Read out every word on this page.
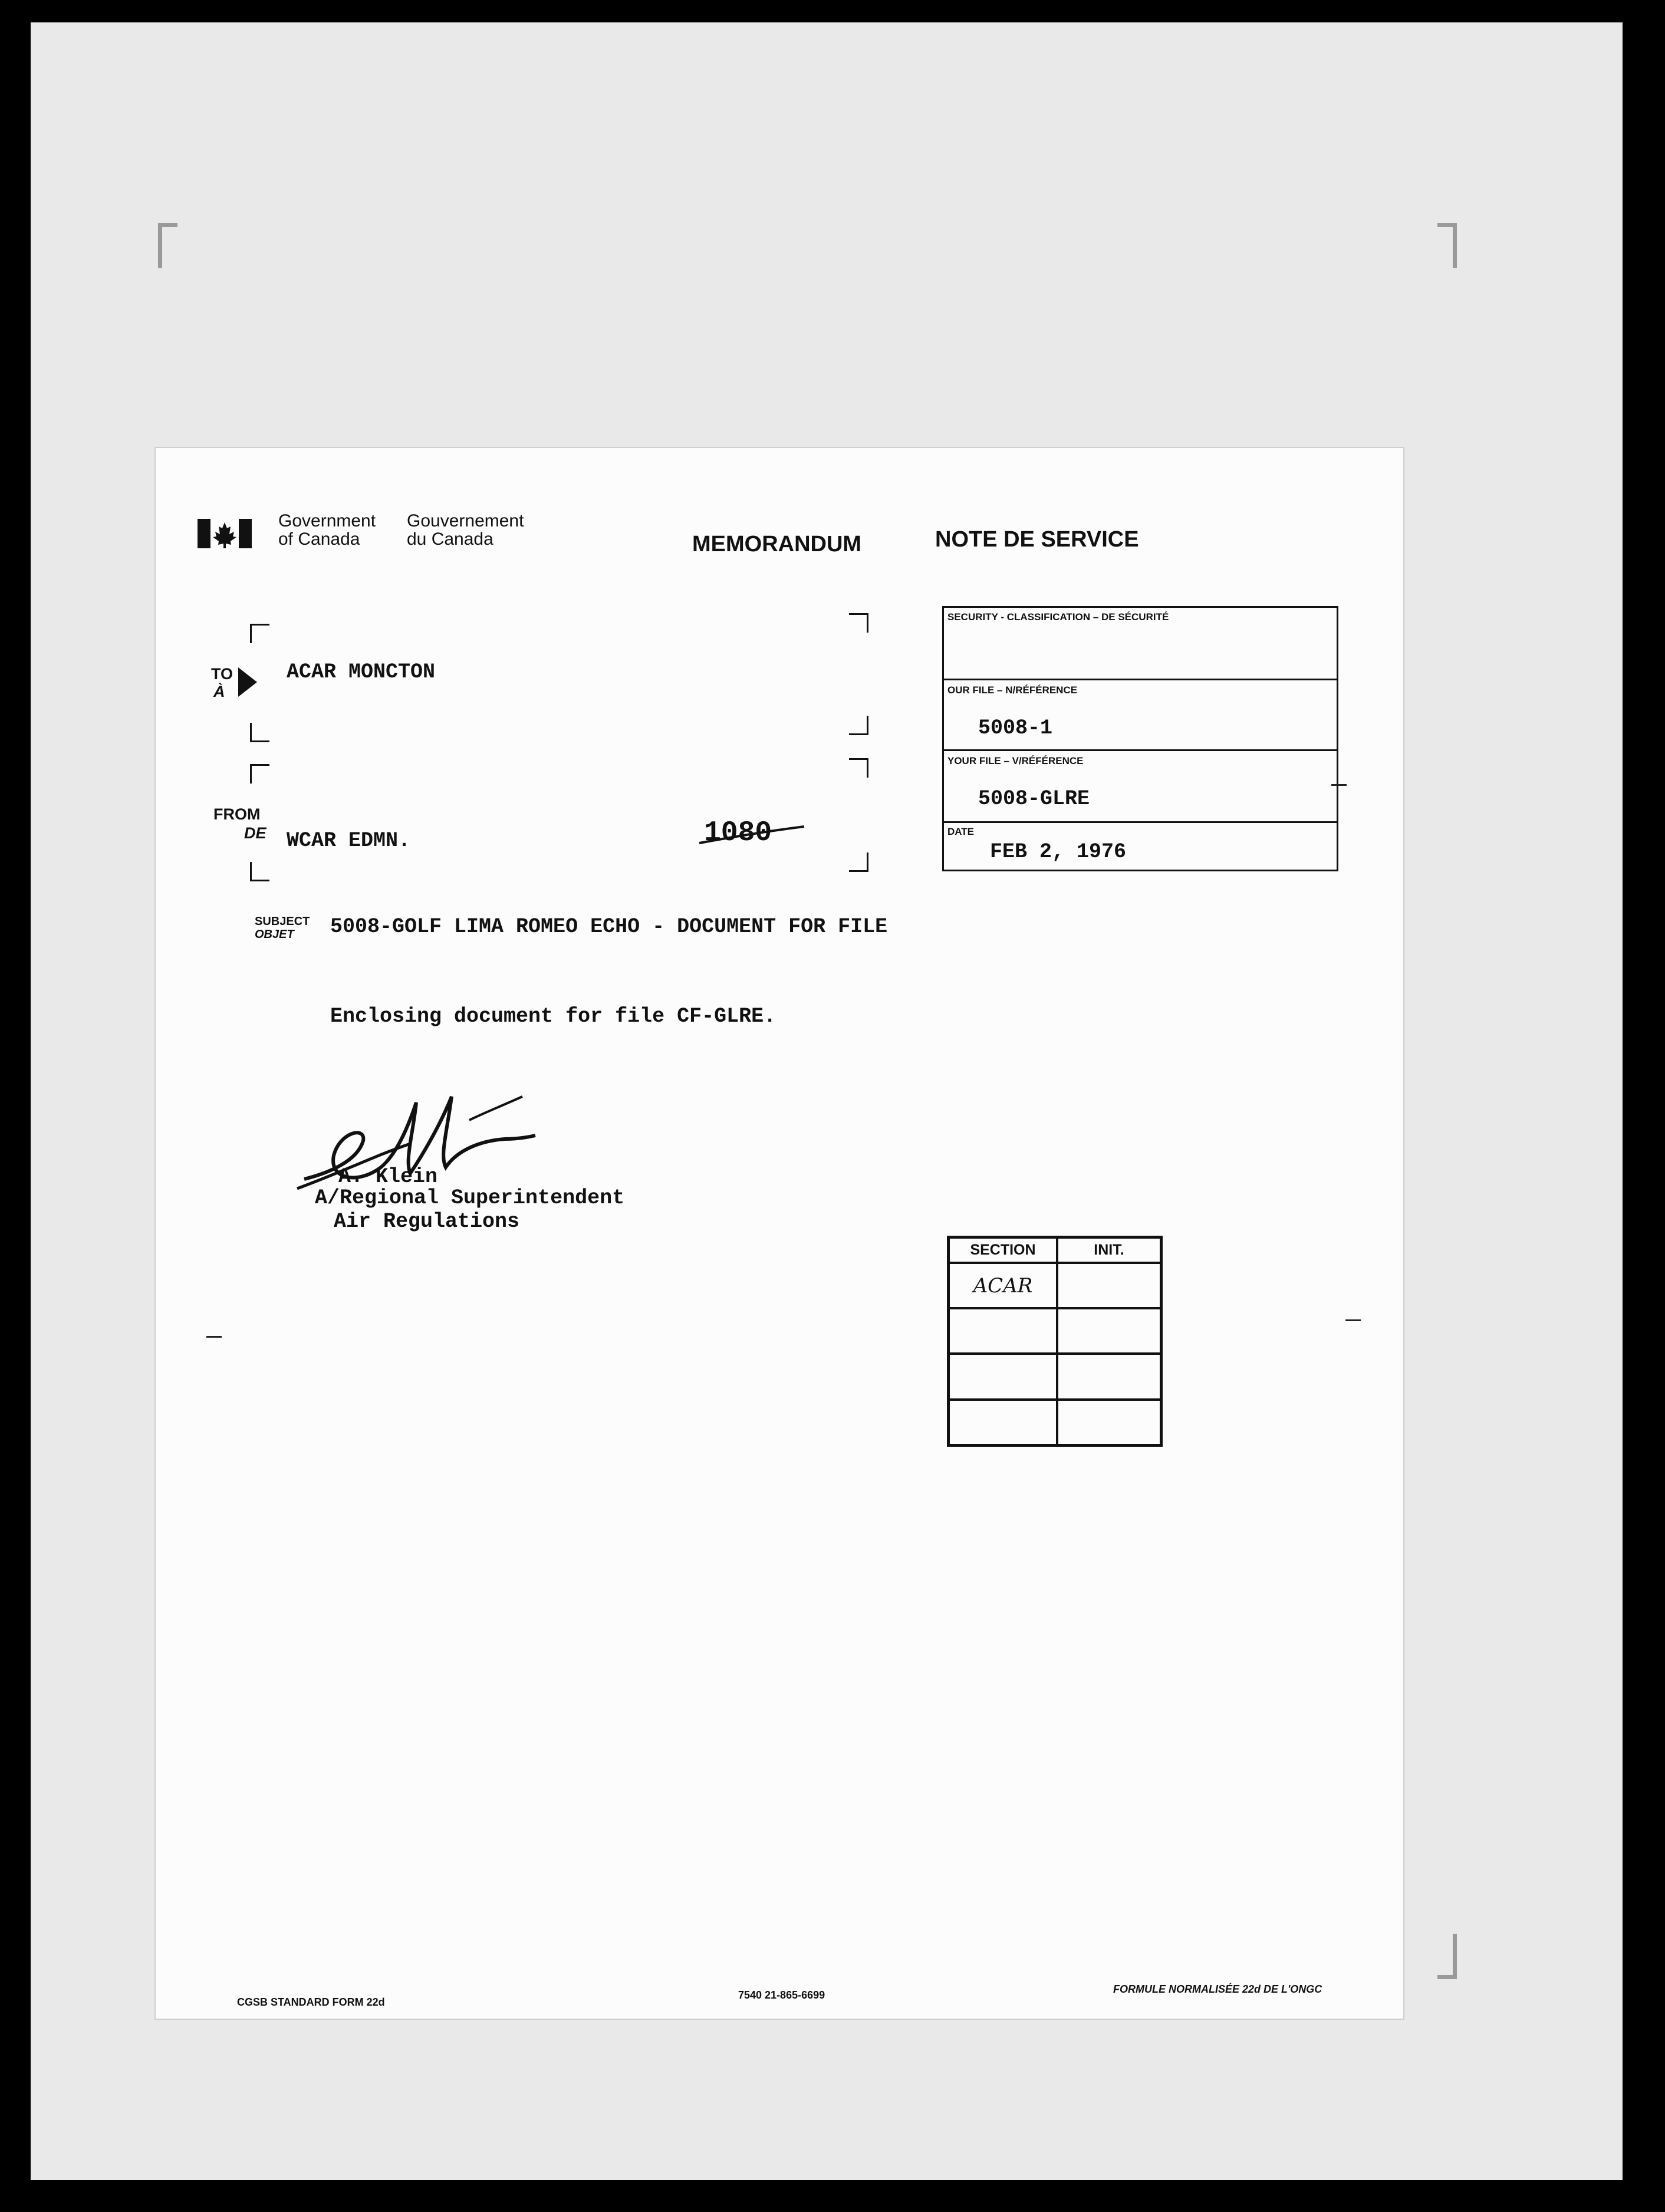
Government
of Canada
Gouvernement
du Canada	MEMORANDUM	NOTE DE SERVICE
TO
À
ACAR MONCTON
FROM
DE WCAR EDMN.	1080
SECURITY - CLASSIFICATION – DE SÉCURITÉ
OUR FILE – N/RÉFÉRENCE
5008-1
YOUR FILE – V/RÉFÉRENCE
5008-GLRE
DATE
FEB 2, 1976
SUBJECT
OBJET 5008-GOLF LIMA ROMEO ECHO - DOCUMENT FOR FILE
Enclosing document for file CF-GLRE.
A. Klein
A/Regional Superintendent
Air Regulations
SECTION	INIT.
ACAR	

CGSB STANDARD FORM 22d
7540 21-865-6699	FORMULE NORMALISÉE 22d DE L'ONGC
